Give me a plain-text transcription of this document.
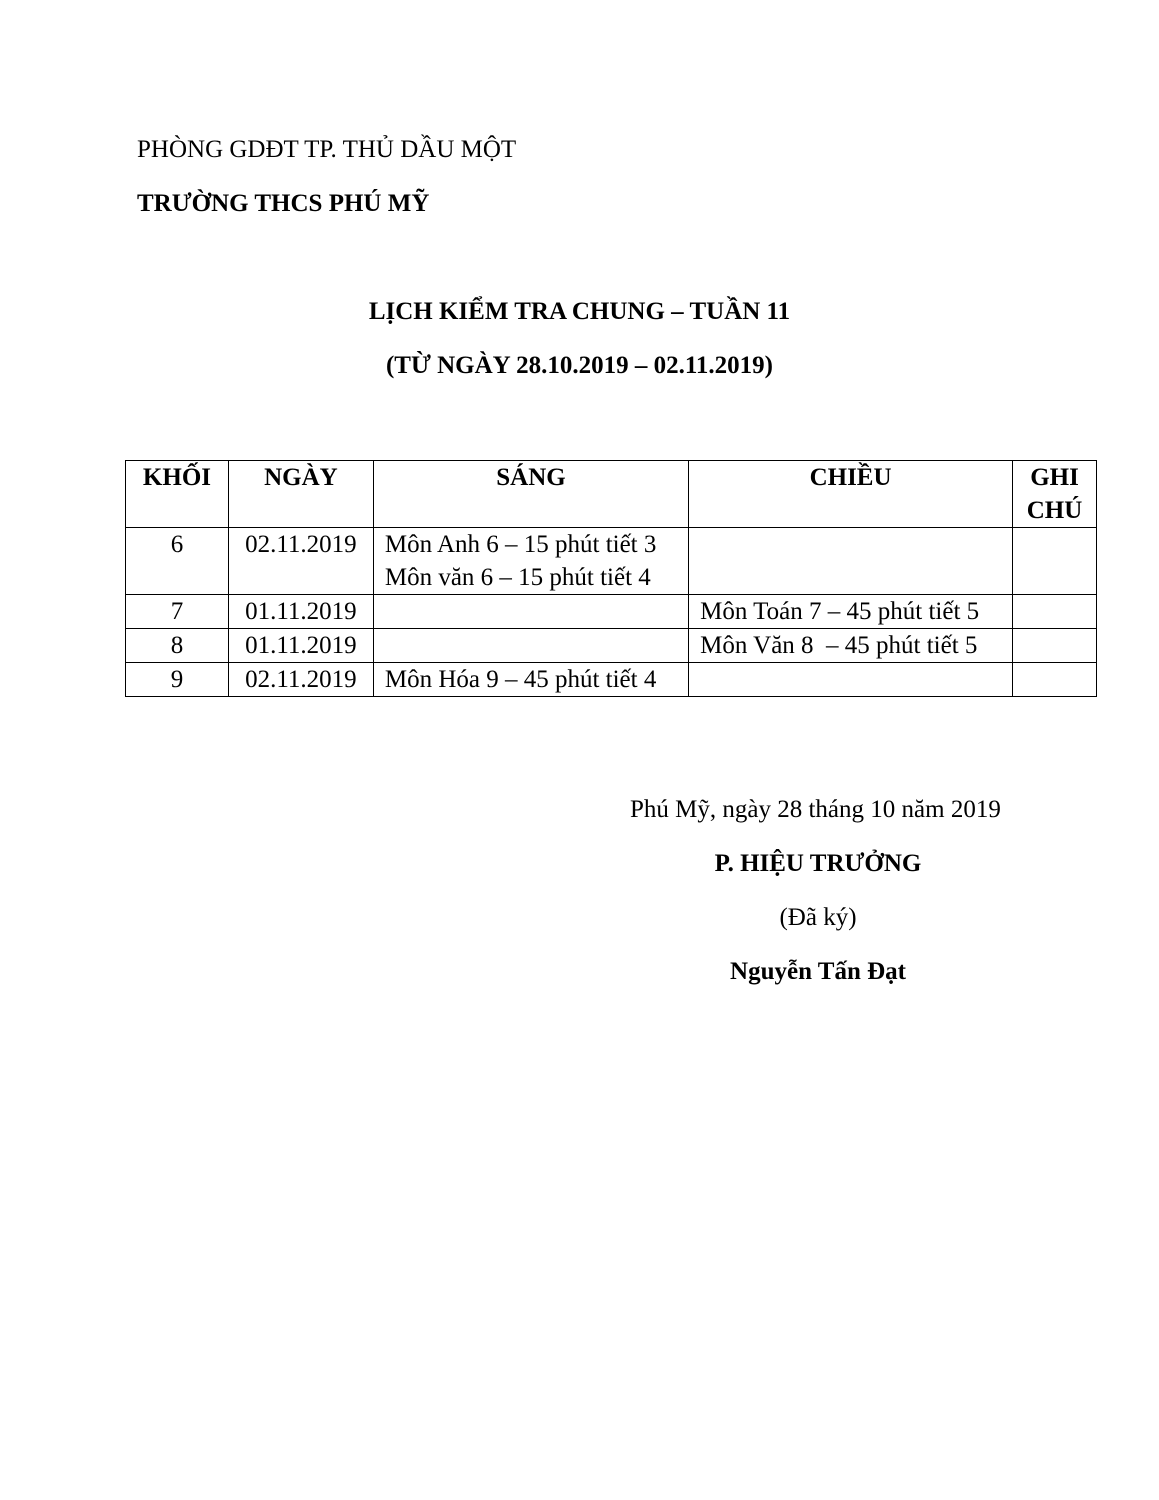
PHÒNG GDĐT TP. THỦ DẦU MỘT
TRƯỜNG THCS PHÚ MỸ
LỊCH KIỂM TRA CHUNG – TUẦN 11
(TỪ NGÀY 28.10.2019 – 02.11.2019)
KHỐI	NGÀY	SÁNG	CHIỀU	GHI CHÚ
6	02.11.2019	Môn Anh 6 – 15 phút tiết 3
Môn văn 6 – 15 phút tiết 4		

7	01.11.2019		Môn Toán 7 – 45 phút tiết 5	

8	01.11.2019		Môn Văn 8  – 45 phút tiết 5	

9	02.11.2019	Môn Hóa 9 – 45 phút tiết 4		

Phú Mỹ, ngày 28 tháng 10 năm 2019
P. HIỆU TRƯỞNG
(Đã ký)
Nguyễn Tấn Đạt
